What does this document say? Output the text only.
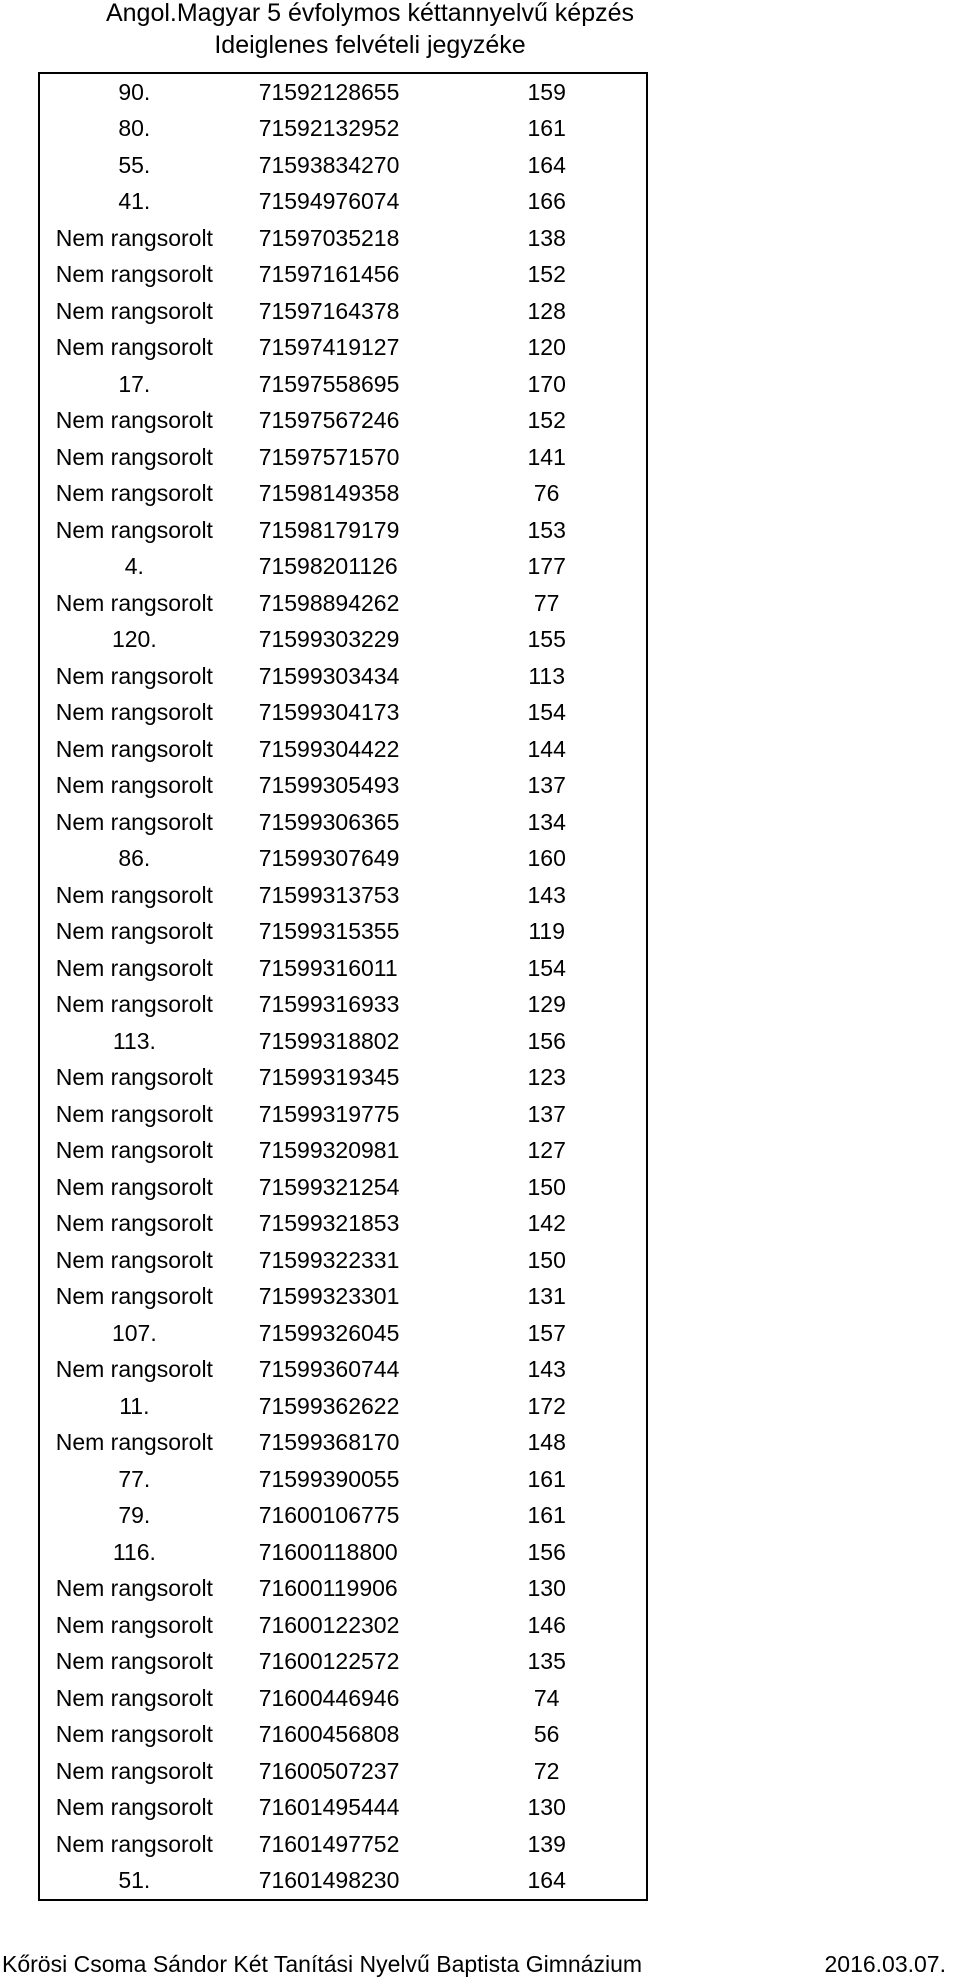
Angol.Magyar 5 évfolymos kéttannyelvű képzés
Ideiglenes felvételi jegyzéke
90.	71592128655	159
80.	71592132952	161
55.	71593834270	164
41.	71594976074	166
Nem rangsorolt	71597035218	138
Nem rangsorolt	71597161456	152
Nem rangsorolt	71597164378	128
Nem rangsorolt	71597419127	120
17.	71597558695	170
Nem rangsorolt	71597567246	152
Nem rangsorolt	71597571570	141
Nem rangsorolt	71598149358	76
Nem rangsorolt	71598179179	153
4.	71598201126	177
Nem rangsorolt	71598894262	77
120.	71599303229	155
Nem rangsorolt	71599303434	113
Nem rangsorolt	71599304173	154
Nem rangsorolt	71599304422	144
Nem rangsorolt	71599305493	137
Nem rangsorolt	71599306365	134
86.	71599307649	160
Nem rangsorolt	71599313753	143
Nem rangsorolt	71599315355	119
Nem rangsorolt	71599316011	154
Nem rangsorolt	71599316933	129
113.	71599318802	156
Nem rangsorolt	71599319345	123
Nem rangsorolt	71599319775	137
Nem rangsorolt	71599320981	127
Nem rangsorolt	71599321254	150
Nem rangsorolt	71599321853	142
Nem rangsorolt	71599322331	150
Nem rangsorolt	71599323301	131
107.	71599326045	157
Nem rangsorolt	71599360744	143
11.	71599362622	172
Nem rangsorolt	71599368170	148
77.	71599390055	161
79.	71600106775	161
116.	71600118800	156
Nem rangsorolt	71600119906	130
Nem rangsorolt	71600122302	146
Nem rangsorolt	71600122572	135
Nem rangsorolt	71600446946	74
Nem rangsorolt	71600456808	56
Nem rangsorolt	71600507237	72
Nem rangsorolt	71601495444	130
Nem rangsorolt	71601497752	139
51.	71601498230	164
Kőrösi Csoma Sándor Két Tanítási Nyelvű Baptista Gimnázium	2016.03.07.
